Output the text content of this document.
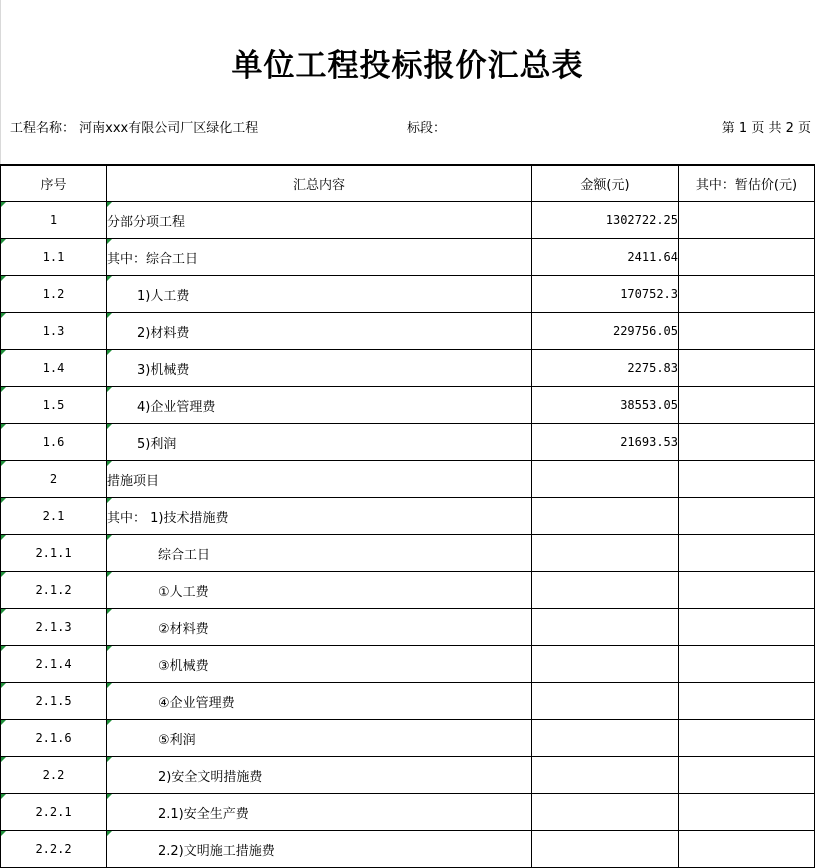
单位工程投标报价汇总表
工程名称： 河南xxx有限公司厂区绿化工程	标段：	第 1 页 共 2 页
序号	汇总内容	金额(元)	其中：暂估价(元)

1	分部分项工程	1302722.25	

1.1	其中：综合工日	2411.64	

1.2	1)人工费	170752.3	

1.3	2)材料费	229756.05	

1.4	3)机械费	2275.83	

1.5	4)企业管理费	38553.05	

1.6	5)利润	21693.53	

2	措施项目		

2.1	其中： 1)技术措施费		

2.1.1	综合工日		

2.1.2	①人工费		

2.1.3	②材料费		

2.1.4	③机械费		

2.1.5	④企业管理费		

2.1.6	⑤利润		

2.2	2)安全文明措施费		

2.2.1	2.1)安全生产费		

2.2.2	2.2)文明施工措施费		
